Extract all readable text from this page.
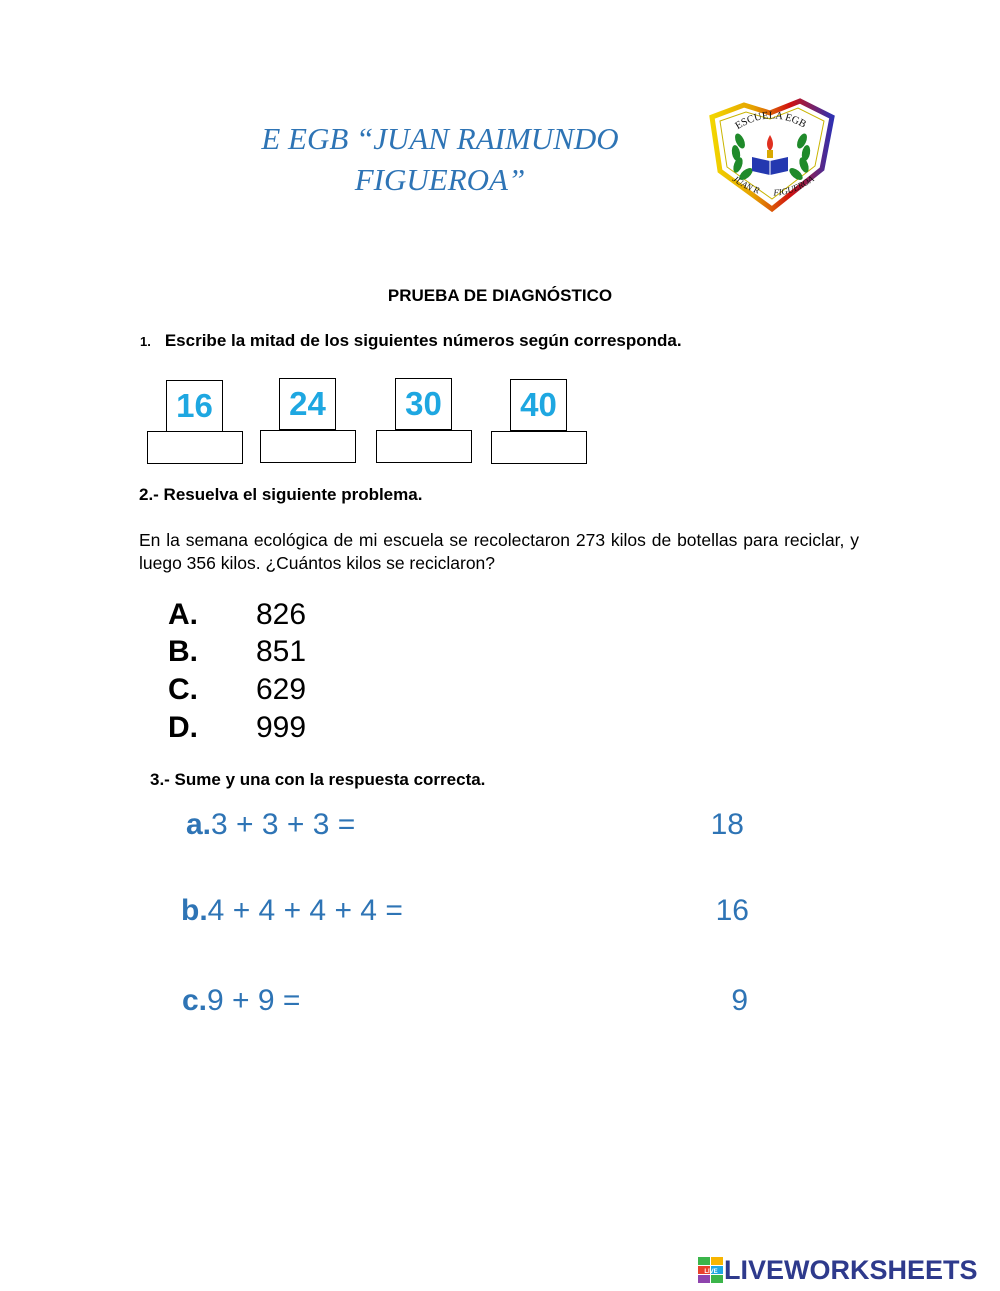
E EGB “JUAN RAIMUNDO
FIGUEROA”
ESCUELA EGB
JUAN R FIGUEROA
PRUEBA DE DIAGNÓSTICO
1. Escribe la mitad de los siguientes números según corresponda.
16	24	30	40
2.- Resuelva el siguiente problema.
En la semana ecológica de mi escuela se recolectaron 273 kilos de botellas para reciclar, y luego 356 kilos. ¿Cuántos kilos se reciclaron?
A. 826
B. 851
C. 629
D. 999
3.- Sume y una con la respuesta correcta.
a.3 + 3 + 3 =	18
b.4 + 4 + 4 + 4 =	16
c.9 + 9 =	9
LIVE LIVEWORKSHEETS
